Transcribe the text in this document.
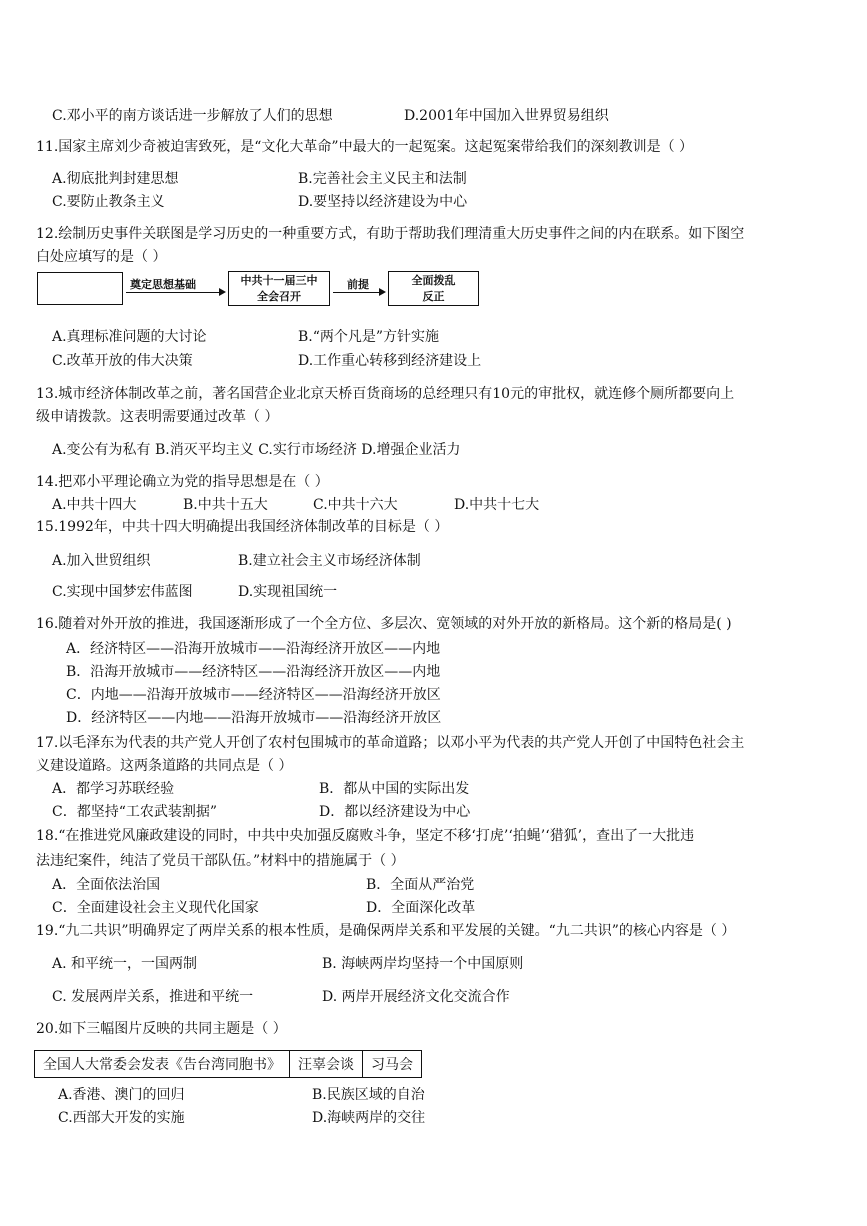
C.邓小平的南方谈话进一步解放了人们的思想	D.2001年中国加入世界贸易组织
11.国家主席刘少奇被迫害致死，是“文化大革命”中最大的一起冤案。这起冤案带给我们的深刻教训是（ ）
A.彻底批判封建思想	B.完善社会主义民主和法制
C.要防止教条主义	D.要坚持以经济建设为中心
12.绘制历史事件关联图是学习历史的一种重要方式，有助于帮助我们理清重大历史事件之间的内在联系。如下图空
白处应填写的是（ ）
奠定思想基础	中共十一届三中
全会召开
前提	全面拨乱
反正
A.真理标准问题的大讨论	B.“两个凡是”方针实施
C.改革开放的伟大决策	D.工作重心转移到经济建设上
13.城市经济体制改革之前，著名国营企业北京天桥百货商场的总经理只有10元的审批权，就连修个厕所都要向上
级申请拨款。这表明需要通过改革（ ）
A.变公有为私有 B.消灭平均主义 C.实行市场经济 D.增强企业活力
14.把邓小平理论确立为党的指导思想是在（ ）
A.中共十四大	B.中共十五大	C.中共十六大	D.中共十七大
15.1992年，中共十四大明确提出我国经济体制改革的目标是（ ）
A.加入世贸组织	B.建立社会主义市场经济体制
C.实现中国梦宏伟蓝图	D.实现祖国统一
16.随着对外开放的推进，我国逐渐形成了一个全方位、多层次、宽领域的对外开放的新格局。这个新的格局是( )
A．经济特区——沿海开放城市——沿海经济开放区——内地
B．沿海开放城市——经济特区——沿海经济开放区——内地
C．内地——沿海开放城市——经济特区——沿海经济开放区
D．经济特区——内地——沿海开放城市——沿海经济开放区
17.以毛泽东为代表的共产党人开创了农村包围城市的革命道路；以邓小平为代表的共产党人开创了中国特色社会主
义建设道路。这两条道路的共同点是（ ）
A．都学习苏联经验	B．都从中国的实际出发
C．都坚持“工农武装割据”	D．都以经济建设为中心
18.“在推进党风廉政建设的同时，中共中央加强反腐败斗争，坚定不移‘打虎’‘拍蝇’‘猎狐’，查出了一大批违
法违纪案件，纯洁了党员干部队伍。”材料中的措施属于（ ）
A．全面依法治国	B．全面从严治党
C．全面建设社会主义现代化国家	D．全面深化改革
19.“九二共识”明确界定了两岸关系的根本性质，是确保两岸关系和平发展的关键。“九二共识”的核心内容是（ ）
A. 和平统一，一国两制	B. 海峡两岸均坚持一个中国原则
C. 发展两岸关系，推进和平统一	D. 两岸开展经济文化交流合作
20.如下三幅图片反映的共同主题是（ ）
全国人大常委会发表《告台湾同胞书》	汪辜会谈	习马会
A.香港、澳门的回归	B.民族区域的自治
C.西部大开发的实施	D.海峡两岸的交往
